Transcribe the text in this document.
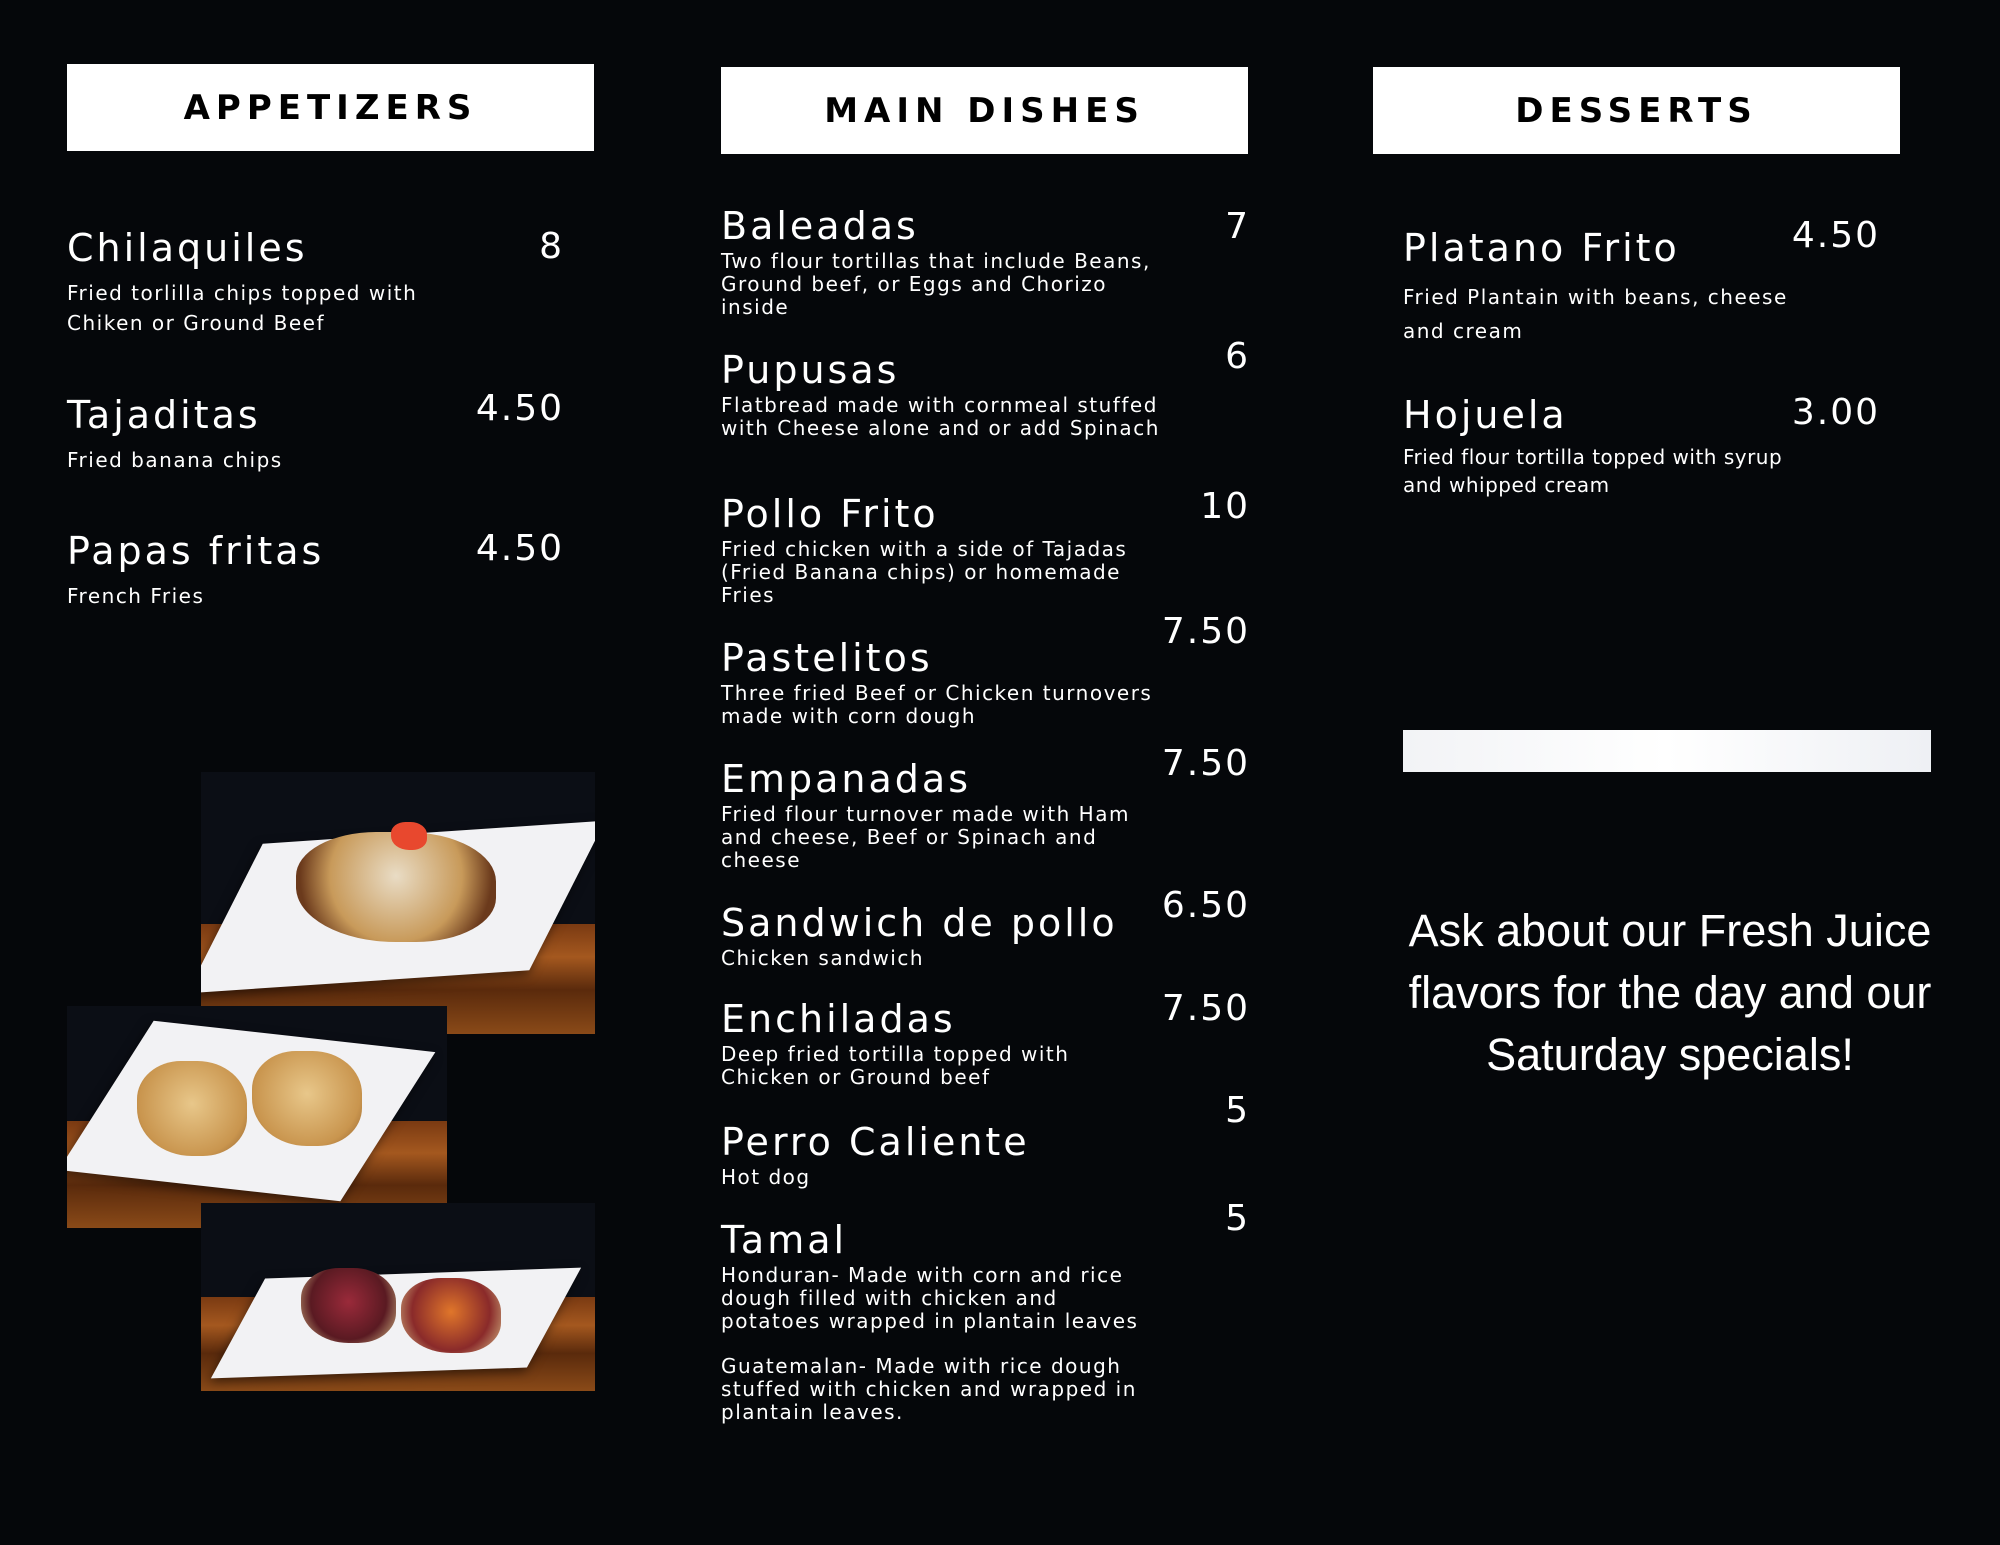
APPETIZERS	MAIN DISHES	DESSERTS
Chilaquiles
Fried torlilla chips topped with Chiken or Ground Beef
8
Tajaditas
Fried banana chips
4.50
Papas fritas
French Fries
4.50
Baleadas
Two flour tortillas that include Beans, Ground beef, or Eggs and Chorizo inside
7
Pupusas
Flatbread made with cornmeal stuffed with Cheese alone and or add Spinach
6
Pollo Frito
Fried chicken with a side of Tajadas (Fried Banana chips) or homemade Fries
10
Pastelitos
Three fried Beef or Chicken turnovers made with corn dough
7.50
Empanadas
Fried flour turnover made with Ham and cheese, Beef or Spinach and cheese
7.50
Sandwich de pollo
Chicken sandwich
6.50
Enchiladas
Deep fried tortilla topped with Chicken or Ground beef
7.50
Perro Caliente
Hot dog
5
Tamal
Honduran- Made with corn and rice dough filled with chicken and potatoes wrapped in plantain leaves
Guatemalan- Made with rice dough stuffed with chicken and wrapped in plantain leaves.
5
Platano Frito
Fried Plantain with beans, cheese and cream
4.50
Hojuela
Fried flour tortilla topped with syrup and whipped cream
3.00
Ask about our Fresh Juice flavors for the day and our Saturday specials!
